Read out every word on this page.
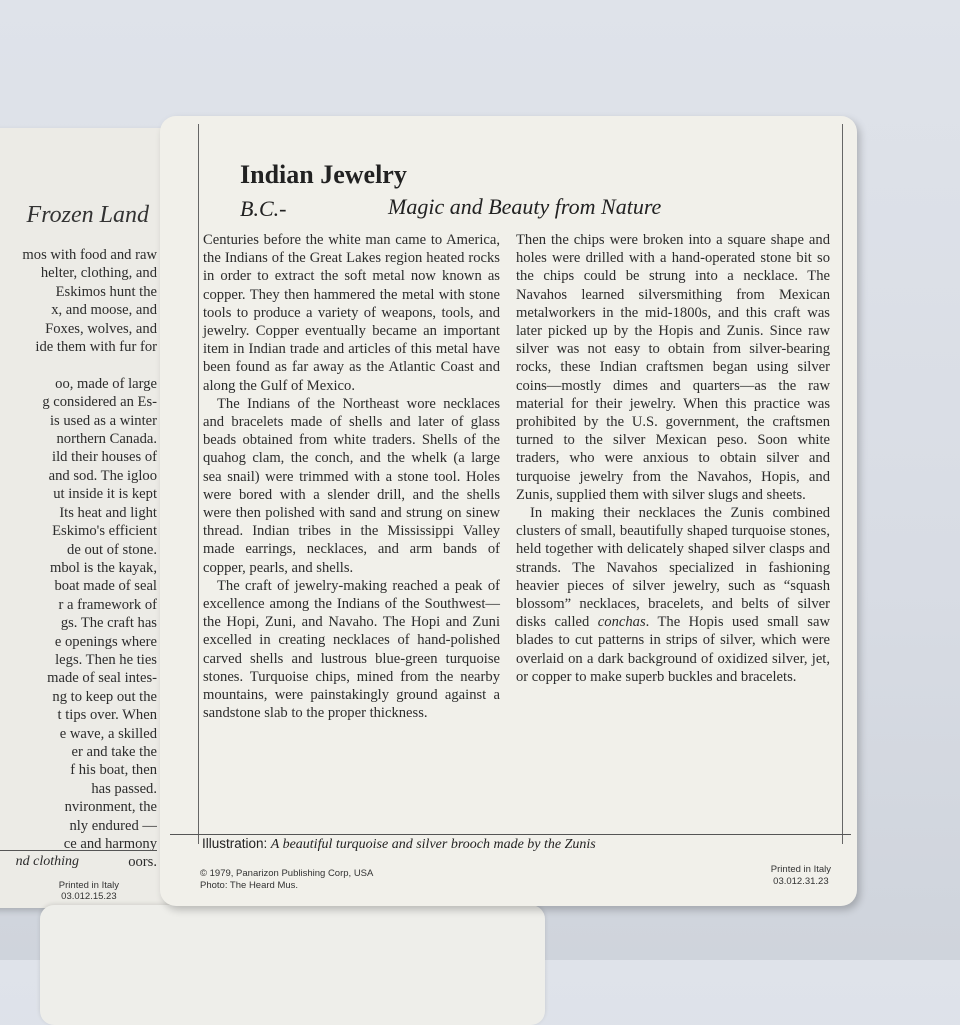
Frozen Land
mos with food and raw
helter, clothing, and
Eskimos hunt the
x, and moose, and
Foxes, wolves, and
ide them with fur for

oo, made of large
g considered an Es-
is used as a winter
northern Canada.
ild their houses of
and sod. The igloo
ut inside it is kept
Its heat and light
Eskimo's efficient
de out of stone.
mbol is the kayak,
boat made of seal
r a framework of
gs. The craft has
e openings where
legs. Then he ties
made of seal intes-
ng to keep out the
t tips over. When
e wave, a skilled
er and take the
f his boat, then
has passed.
nvironment, the
nly endured —
ce and harmony
oors.
nd clothing
Printed in Italy
03.012.15.23
Indian Jewelry
B.C.-	Magic and Beauty from Nature

Centuries before the white man came to America, the Indians of the Great Lakes region heated rocks in order to extract the soft metal now known as copper. They then hammered the metal with stone tools to produce a variety of weapons, tools, and jewelry. Copper eventually became an important item in Indian trade and articles of this metal have been found as far away as the Atlantic Coast and along the Gulf of Mexico.

The Indians of the Northeast wore necklaces and bracelets made of shells and later of glass beads obtained from white traders. Shells of the quahog clam, the conch, and the whelk (a large sea snail) were trimmed with a stone tool. Holes were bored with a slender drill, and the shells were then polished with sand and strung on sinew thread. Indian tribes in the Mississippi Valley made earrings, necklaces, and arm bands of copper, pearls, and shells.

The craft of jewelry-making reached a peak of excellence among the Indians of the Southwest—the Hopi, Zuni, and Navaho. The Hopi and Zuni excelled in creating necklaces of hand-polished carved shells and lustrous blue-green turquoise stones. Turquoise chips, mined from the nearby mountains, were painstakingly ground against a sandstone slab to the proper thickness.

Then the chips were broken into a square shape and holes were drilled with a hand-operated stone bit so the chips could be strung into a necklace. The Navahos learned silversmithing from Mexican metalworkers in the mid-1800s, and this craft was later picked up by the Hopis and Zunis. Since raw silver was not easy to obtain from silver-bearing rocks, these Indian craftsmen began using silver coins—mostly dimes and quarters—as the raw material for their jewelry. When this practice was prohibited by the U.S. government, the craftsmen turned to the silver Mexican peso. Soon white traders, who were anxious to obtain silver and turquoise jewelry from the Navahos, Hopis, and Zunis, supplied them with silver slugs and sheets.

In making their necklaces the Zunis combined clusters of small, beautifully shaped turquoise stones, held together with delicately shaped silver clasps and strands. The Navahos specialized in fashioning heavier pieces of silver jewelry, such as “squash blossom” necklaces, bracelets, and belts of silver disks called conchas. The Hopis used small saw blades to cut patterns in strips of silver, which were overlaid on a dark background of oxidized silver, jet, or copper to make superb buckles and bracelets.

Illustration: A beautiful turquoise and silver brooch made by the Zunis
© 1979, Panarizon Publishing Corp, USA
Photo: The Heard Mus.
Printed in Italy
03.012.31.23
